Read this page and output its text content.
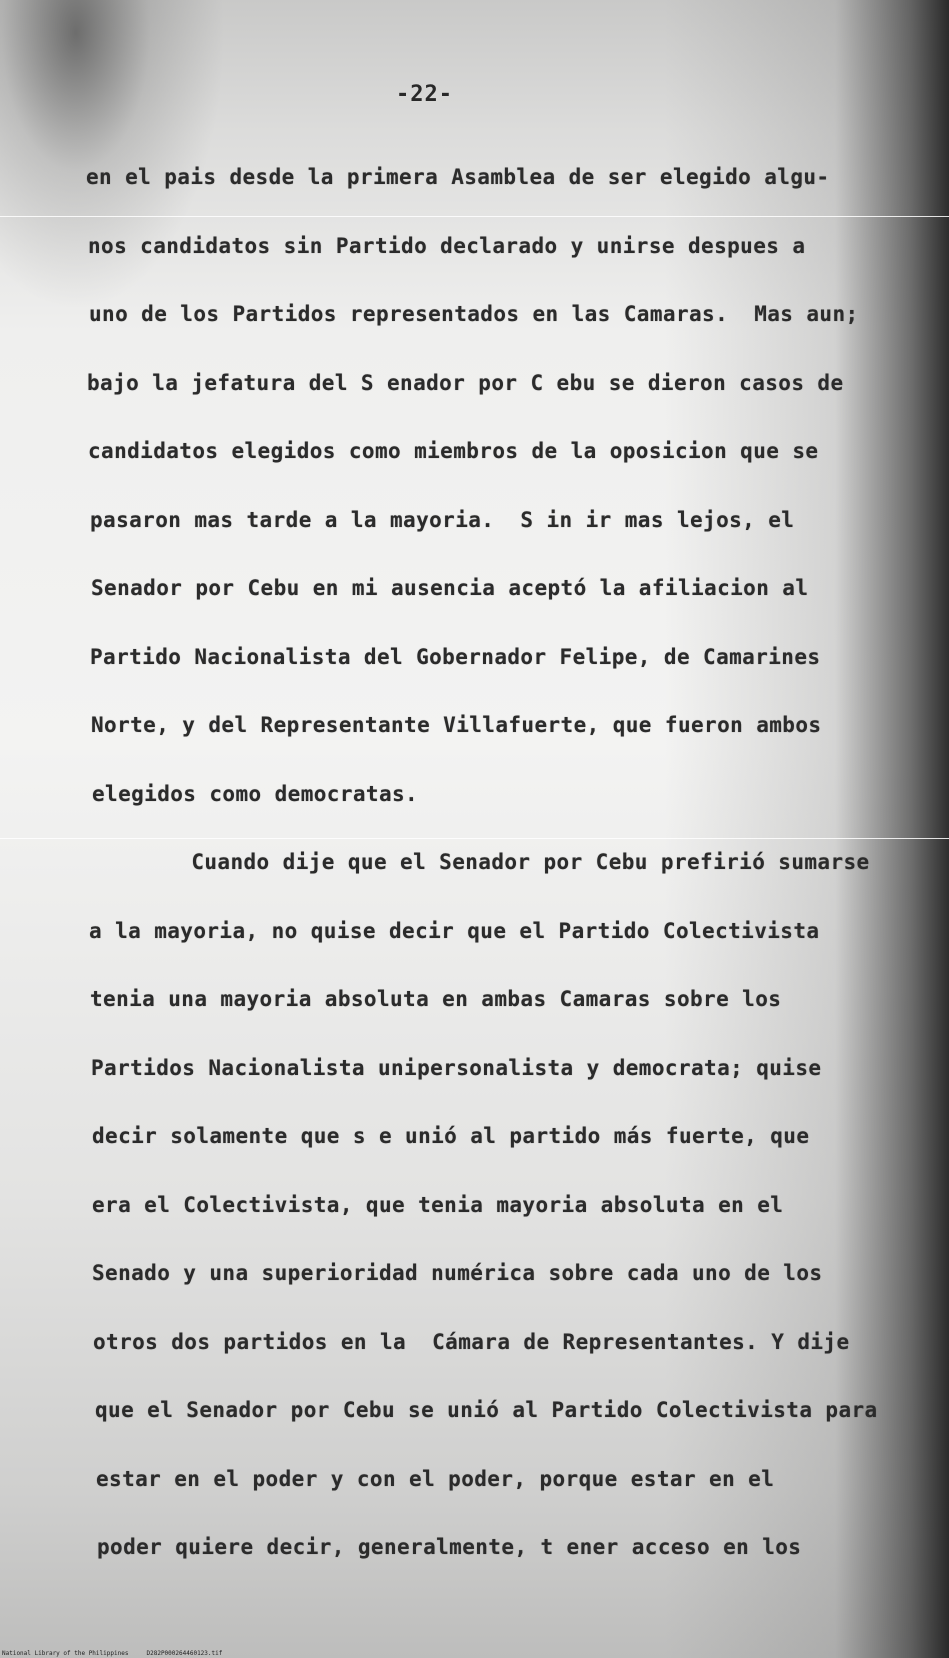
-22-
en el pais desde la primera Asamblea de ser elegido algu-
nos candidatos sin Partido declarado y unirse despues a
uno de los Partidos representados en las Camaras.  Mas aun;
bajo la jefatura del S enador por C ebu se dieron casos de
candidatos elegidos como miembros de la oposicion que se
pasaron mas tarde a la mayoria.  S in ir mas lejos, el
Senador por Cebu en mi ausencia aceptó la afiliacion al
Partido Nacionalista del Gobernador Felipe, de Camarines
Norte, y del Representante Villafuerte, que fueron ambos
elegidos como democratas.
Cuando dije que el Senador por Cebu prefirió sumarse
a la mayoria, no quise decir que el Partido Colectivista
tenia una mayoria absoluta en ambas Camaras sobre los
Partidos Nacionalista unipersonalista y democrata; quise
decir solamente que s e unió al partido más fuerte, que
era el Colectivista, que tenia mayoria absoluta en el
Senado y una superioridad numérica sobre cada uno de los
otros dos partidos en la  Cámara de Representantes. Y dije
que el Senador por Cebu se unió al Partido Colectivista para
estar en el poder y con el poder, porque estar en el
poder quiere decir, generalmente, t ener acceso en los
National Library of the Philippines	D282P000264460123.tif
